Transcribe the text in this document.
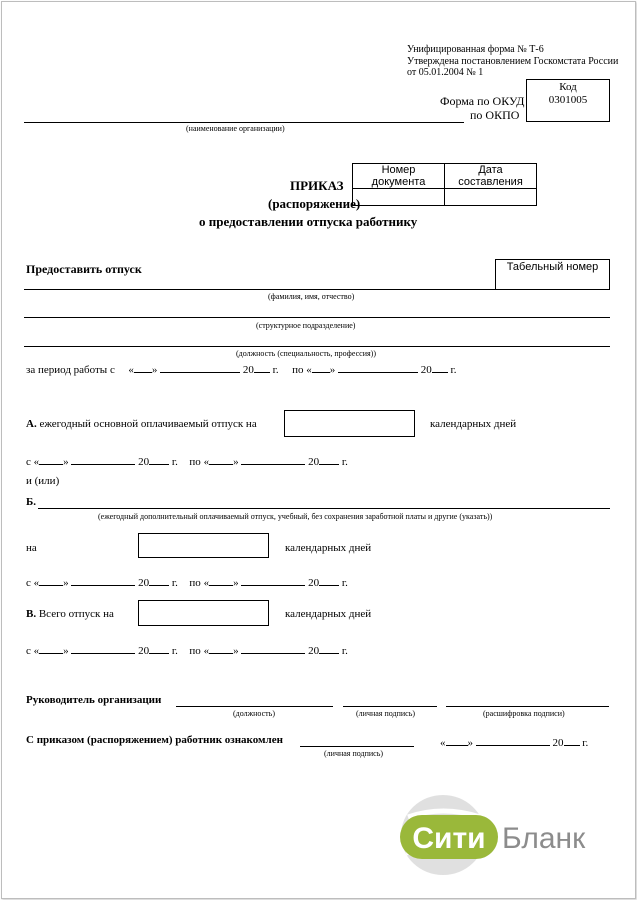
Унифицированная форма № Т-6
Утверждена постановлением Госкомстата России
от 05.01.2004 № 1
Код
0301005
Форма по ОКУД
по ОКПО
(наименование организации)
Номер документа	Дата составления

ПРИКАЗ
(распоряжение)
о предоставлении отпуска работнику
Предоставить отпуск	Табельный номер
(фамилия, имя, отчество)
(структурное подразделение)
(должность (специальность, профессия))
за период работы с « »	20 г. по « »	20 г.
А. ежегодный основной оплачиваемый отпуск на	календарных дней
с « »	20 г. по « »	20 г.
и (или)
Б.
(ежегодный дополнительный оплачиваемый отпуск, учебный, без сохранения заработной платы и другие (указать))
на	календарных дней
с « »	20 г. по « »	20 г.
В. Всего отпуск на	календарных дней
с « »	20 г. по « »	20 г.
Руководитель организации
(должность)	(личная подпись)	(расшифровка подписи)
С приказом (распоряжением) работник ознакомлен
(личная подпись)
« »	20 г.
Сити Бланк
